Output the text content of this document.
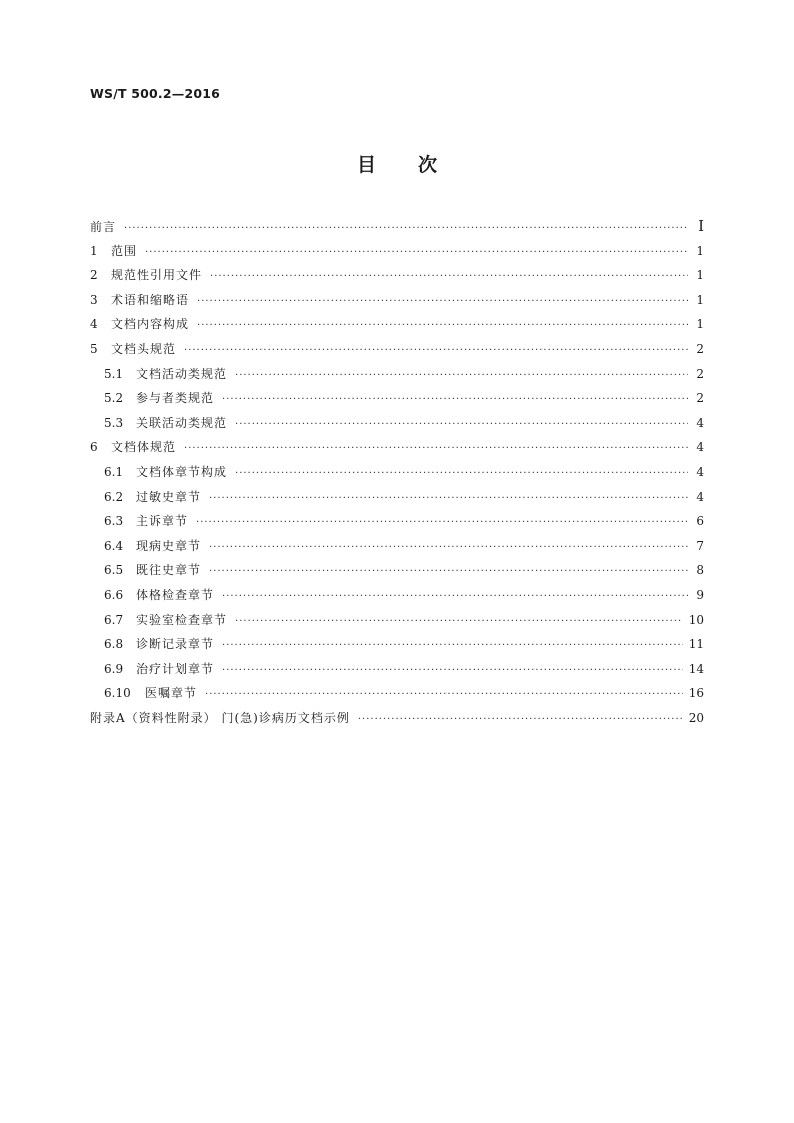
WS/T 500.2—2016
目次
前言 ·····	I
1	范围 ·····	1
2	规范性引用文件 ·····	1
3	术语和缩略语 ·····	1
4	文档内容构成 ·····	1
5	文档头规范 ·····	2
5.1	文档活动类规范 ·····	2
5.2	参与者类规范 ·····	2
5.3	关联活动类规范 ·····	4
6	文档体规范 ·····	4
6.1	文档体章节构成 ·····	4
6.2	过敏史章节 ·····	4
6.3	主诉章节 ·····	6
6.4	现病史章节 ·····	7
6.5	既往史章节 ·····	8
6.6	体格检查章节 ·····	9
6.7	实验室检查章节 ·····	10
6.8	诊断记录章节 ·····	11
6.9	治疗计划章节 ·····	14
6.10	医嘱章节 ·····	16
附录A（资料性附录） 门(急)诊病历文档示例 ·····	20
